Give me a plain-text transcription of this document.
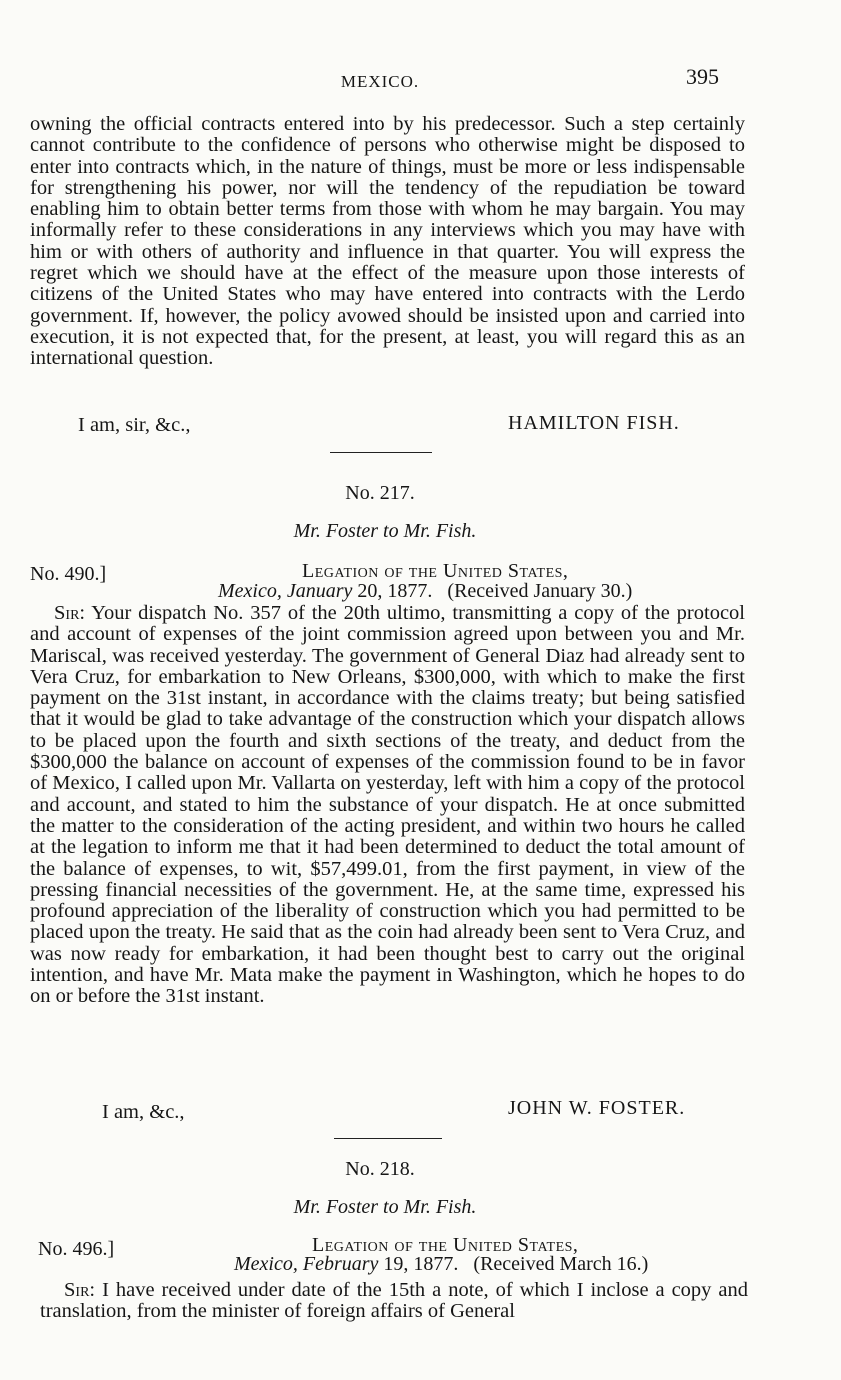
MEXICO.	395

owning the official contracts entered into by his predecessor. Such a step certainly cannot contribute to the confidence of persons who otherwise might be disposed to enter into contracts which, in the nature of things, must be more or less indispensable for strengthening his power, nor will the tendency of the repudiation be toward enabling him to obtain better terms from those with whom he may bargain. You may informally refer to these considerations in any interviews which you may have with him or with others of authority and influence in that quarter. You will express the regret which we should have at the effect of the measure upon those interests of citizens of the United States who may have entered into contracts with the Lerdo government. If, however, the policy avowed should be insisted upon and carried into execution, it is not expected that, for the present, at least, you will regard this as an international question.

I am, sir, &c.,	HAMILTON FISH.
No. 217.
Mr. Foster to Mr. Fish.
No. 490.]	Legation of the United States,
Mexico, January 20, 1877. (Received January 30.)

Sir: Your dispatch No. 357 of the 20th ultimo, transmitting a copy of the protocol and account of expenses of the joint commission agreed upon between you and Mr. Mariscal, was received yesterday. The government of General Diaz had already sent to Vera Cruz, for embarkation to New Orleans, $300,000, with which to make the first payment on the 31st instant, in accordance with the claims treaty; but being satisfied that it would be glad to take advantage of the construction which your dispatch allows to be placed upon the fourth and sixth sections of the treaty, and deduct from the $300,000 the balance on account of expenses of the commission found to be in favor of Mexico, I called upon Mr. Vallarta on yesterday, left with him a copy of the protocol and account, and stated to him the substance of your dispatch. He at once submitted the matter to the consideration of the acting president, and within two hours he called at the legation to inform me that it had been determined to deduct the total amount of the balance of expenses, to wit, $57,499.01, from the first payment, in view of the pressing financial necessities of the government. He, at the same time, expressed his profound appreciation of the liberality of construction which you had permitted to be placed upon the treaty. He said that as the coin had already been sent to Vera Cruz, and was now ready for embarkation, it had been thought best to carry out the original intention, and have Mr. Mata make the payment in Washington, which he hopes to do on or before the 31st instant.

I am, &c.,	JOHN W. FOSTER.
No. 218.
Mr. Foster to Mr. Fish.
No. 496.]	Legation of the United States,
Mexico, February 19, 1877. (Received March 16.)

Sir: I have received under date of the 15th a note, of which I inclose a copy and translation, from the minister of foreign affairs of General
